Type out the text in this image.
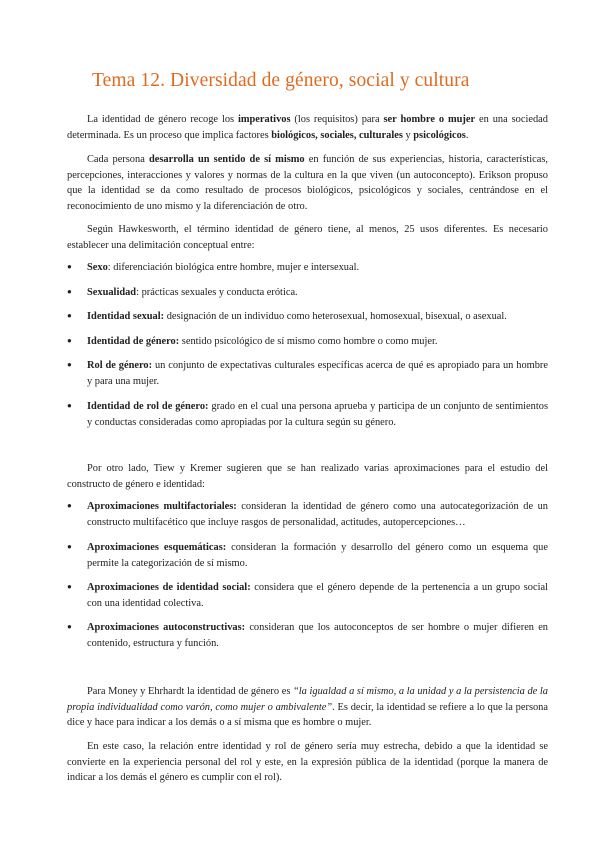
Tema 12. Diversidad de género, social y cultura

La identidad de género recoge los imperativos (los requisitos) para ser hombre o mujer en una sociedad determinada. Es un proceso que implica factores biológicos, sociales, culturales y psicológicos.

Cada persona desarrolla un sentido de sí mismo en función de sus experiencias, historia, características, percepciones, interacciones y valores y normas de la cultura en la que viven (un autoconcepto). Erikson propuso que la identidad se da como resultado de procesos biológicos, psicológicos y sociales, centrándose en el reconocimiento de uno mismo y la diferenciación de otro.

Según Hawkesworth, el término identidad de género tiene, al menos, 25 usos diferentes. Es necesario establecer una delimitación conceptual entre:

●
Sexo: diferenciación biológica entre hombre, mujer e intersexual.
●
Sexualidad: prácticas sexuales y conducta erótica.
●
Identidad sexual: designación de un individuo como heterosexual, homosexual, bisexual, o asexual.
●
Identidad de género: sentido psicológico de sí mismo como hombre o como mujer.
●
Rol de género: un conjunto de expectativas culturales específicas acerca de qué es apropiado para un hombre y para una mujer.
●
Identidad de rol de género: grado en el cual una persona aprueba y participa de un conjunto de sentimientos y conductas consideradas como apropiadas por la cultura según su género.

Por otro lado, Tiew y Kremer sugieren que se han realizado varias aproximaciones para el estudio del constructo de género e identidad:

●
Aproximaciones multifactoriales: consideran la identidad de género como una autocategorización de un constructo multifacético que incluye rasgos de personalidad, actitudes, autopercepciones…
●
Aproximaciones esquemáticas: consideran la formación y desarrollo del género como un esquema que permite la categorización de sí mismo.
●
Aproximaciones de identidad social: considera que el género depende de la pertenencia a un grupo social con una identidad colectiva.
●
Aproximaciones autoconstructivas: consideran que los autoconceptos de ser hombre o mujer difieren en contenido, estructura y función.

Para Money y Ehrhardt la identidad de género es “la igualdad a sí mismo, a la unidad y a la persistencia de la propia individualidad como varón, como mujer o ambivalente”. Es decir, la identidad se refiere a lo que la persona dice y hace para indicar a los demás o a sí misma que es hombre o mujer.

En este caso, la relación entre identidad y rol de género sería muy estrecha, debido a que la identidad se convierte en la experiencia personal del rol y este, en la expresión pública de la identidad (porque la manera de indicar a los demás el género es cumplir con el rol).
